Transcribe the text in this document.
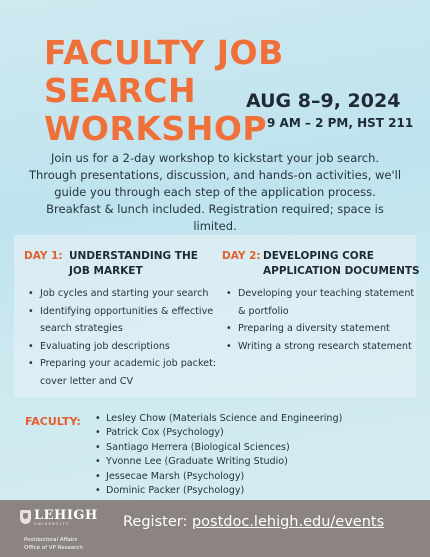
FACULTY JOB SEARCH
WORKSHOP
AUG 8–9, 2024
9 AM – 2 PM, HST 211

Join us for a 2-day workshop to kickstart your job search. Through presentations, discussion, and hands-on activities, we'll guide you through each step of the application process. Breakfast & lunch included. Registration required; space is limited.

DAY 1: UNDERSTANDING THE
JOB MARKET
• Job cycles and starting your search
• Identifying opportunities & effective
search strategies
• Evaluating job descriptions
• Preparing your academic job packet:
cover letter and CV
DAY 2: DEVELOPING CORE
APPLICATION DOCUMENTS
• Developing your teaching statement
& portfolio
• Preparing a diversity statement
• Writing a strong research statement
FACULTY:
•	Lesley Chow (Materials Science and Engineering)
• Patrick Cox (Psychology)
• Santiago Herrera (Biological Sciences)
• Yvonne Lee (Graduate Writing Studio)
• Jessecae Marsh (Psychology)
• Dominic Packer (Psychology)
LEHIGH
UNIVERSITY
Postdoctoral Affairs
Office of VP Research
Register: postdoc.lehigh.edu/events
